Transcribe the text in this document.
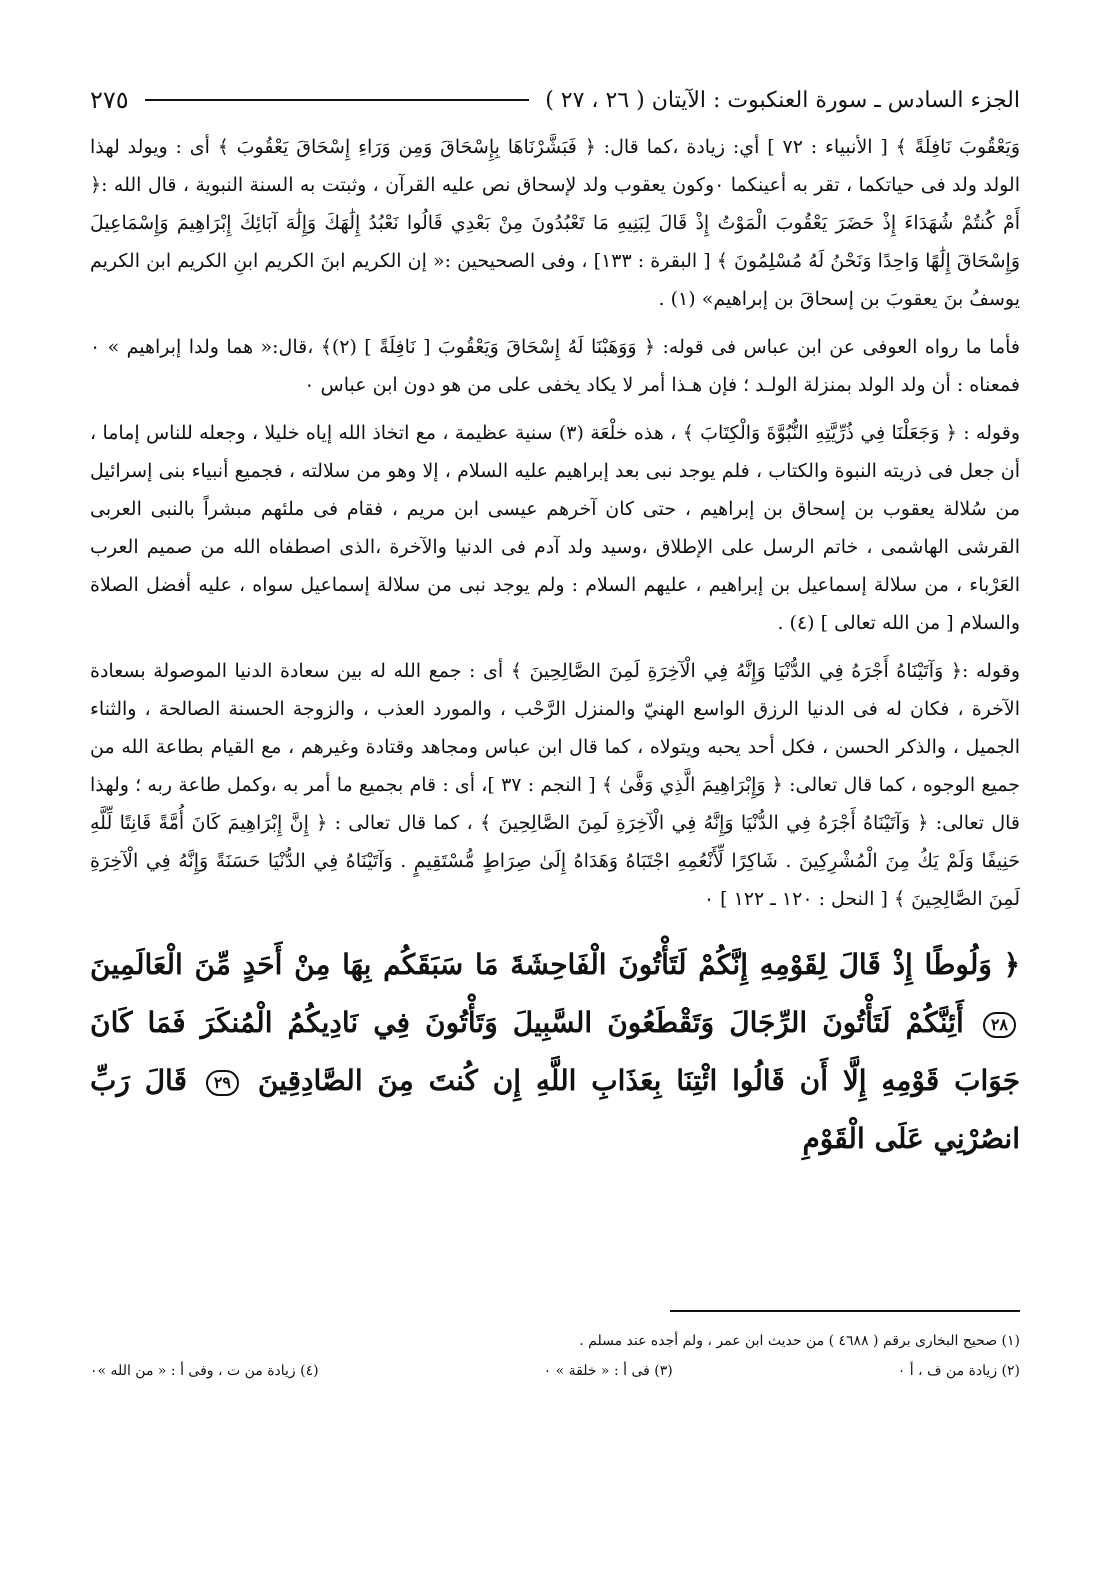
الجزء السادس ـ سورة العنكبوت : الآيتان ( ٢٦ ، ٢٧ )
٢٧٥

وَيَعْقُوبَ نَافِلَةً ﴾ [ الأنبياء : ٧٢ ] أي: زيادة ،كما قال: ﴿ فَبَشَّرْنَاهَا بِإِسْحَاقَ وَمِن وَرَاءِ إِسْحَاقَ يَعْقُوبَ ﴾ أى : ويولد لهذا الولد ولد فى حياتكما ، تقر به أعينكما ٠وكون يعقوب ولد لإسحاق نص عليه القرآن ، وثبتت به السنة النبوية ، قال الله :﴿ أَمْ كُنتُمْ شُهَدَاءَ إِذْ حَضَرَ يَعْقُوبَ الْمَوْتُ إِذْ قَالَ لِبَنِيهِ مَا تَعْبُدُونَ مِنْ بَعْدِي قَالُوا نَعْبُدُ إِلَٰهَكَ وَإِلَٰهَ آبَائِكَ إِبْرَاهِيمَ وَإِسْمَاعِيلَ وَإِسْحَاقَ إِلَٰهًا وَاحِدًا وَنَحْنُ لَهُ مُسْلِمُونَ ﴾ [ البقرة : ١٣٣] ، وفى الصحيحين :« إن الكريم ابنَ الكريم ابنِ الكريم ابن الكريم يوسفُ بنَ يعقوبَ بن إسحاقَ بن إبراهيم» (١) .

فأما ما رواه العوفى عن ابن عباس فى قوله: ﴿ وَوَهَبْنَا لَهُ إِسْحَاقَ وَيَعْقُوبَ [ نَافِلَةً ] (٢)﴾ ،قال:« هما ولدا إبراهيم » ٠ فمعناه : أن ولد الولد بمنزلة الولـد ؛ فإن هـذا أمر لا يكاد يخفى على من هو دون ابن عباس ٠

وقوله : ﴿ وَجَعَلْنَا فِي ذُرِّيَّتِهِ النُّبُوَّةَ وَالْكِتَابَ ﴾ ، هذه خلْعَة (٣) سنية عظيمة ، مع اتخاذ الله إياه خليلا ، وجعله للناس إماما ، أن جعل فى ذريته النبوة والكتاب ، فلم يوجد نبى بعد إبراهيم عليه السلام ، إلا وهو من سلالته ، فجميع أنبياء بنى إسرائيل من سُلالة يعقوب بن إسحاق بن إبراهيم ، حتى كان آخرهم عيسى ابن مريم ، فقام فى ملئهم مبشراً بالنبى العربى القرشى الهاشمى ، خاتم الرسل على الإطلاق ،وسيد ولد آدم فى الدنيا والآخرة ،الذى اصطفاه الله من صميم العرب العَرْباء ، من سلالة إسماعيل بن إبراهيم ، عليهم السلام : ولم يوجد نبى من سلالة إسماعيل سواه ، عليه أفضل الصلاة والسلام [ من الله تعالى ] (٤) .

وقوله :﴿ وَآتَيْنَاهُ أَجْرَهُ فِي الدُّنْيَا وَإِنَّهُ فِي الْآخِرَةِ لَمِنَ الصَّالِحِينَ ﴾ أى : جمع الله له بين سعادة الدنيا الموصولة بسعادة الآخرة ، فكان له فى الدنيا الرزق الواسع الهنيّ والمنزل الرَّحْب ، والمورد العذب ، والزوجة الحسنة الصالحة ، والثناء الجميل ، والذكر الحسن ، فكل أحد يحبه ويتولاه ، كما قال ابن عباس ومجاهد وقتادة وغيرهم ، مع القيام بطاعة الله من جميع الوجوه ، كما قال تعالى: ﴿ وَإِبْرَاهِيمَ الَّذِي وَفَّىٰ ﴾ [ النجم : ٣٧ ]، أى : قام بجميع ما أمر به ،وكمل طاعة ربه ؛ ولهذا قال تعالى: ﴿ وَآتَيْنَاهُ أَجْرَهُ فِي الدُّنْيَا وَإِنَّهُ فِي الْآخِرَةِ لَمِنَ الصَّالِحِينَ ﴾ ، كما قال تعالى : ﴿ إِنَّ إِبْرَاهِيمَ كَانَ أُمَّةً قَانِتًا لِّلَّهِ حَنِيفًا وَلَمْ يَكُ مِنَ الْمُشْرِكِينَ . شَاكِرًا لِّأَنْعُمِهِ اجْتَبَاهُ وَهَدَاهُ إِلَىٰ صِرَاطٍ مُّسْتَقِيمٍ . وَآتَيْنَاهُ فِي الدُّنْيَا حَسَنَةً وَإِنَّهُ فِي الْآخِرَةِ لَمِنَ الصَّالِحِينَ ﴾ [ النحل : ١٢٠ ـ ١٢٢ ] ٠

﴿ وَلُوطًا إِذْ قَالَ لِقَوْمِهِ إِنَّكُمْ لَتَأْتُونَ الْفَاحِشَةَ مَا سَبَقَكُم بِهَا مِنْ أَحَدٍ مِّنَ الْعَالَمِينَ ٢٨ أَئِنَّكُمْ لَتَأْتُونَ الرِّجَالَ وَتَقْطَعُونَ السَّبِيلَ وَتَأْتُونَ فِي نَادِيكُمُ الْمُنكَرَ فَمَا كَانَ جَوَابَ قَوْمِهِ إِلَّا أَن قَالُوا ائْتِنَا بِعَذَابِ اللَّهِ إِن كُنتَ مِنَ الصَّادِقِينَ ٢٩ قَالَ رَبِّ انصُرْنِي عَلَى الْقَوْمِ
(١) صحيح البخارى برقم ( ٤٦٨٨ ) من حديث ابن عمر ، ولم أجده عند مسلم .
(٢) زيادة من ف ، أ ٠
(٣) فى أ : « خلقة » ٠
(٤) زيادة من ت ، وفى أ : « من الله »٠
